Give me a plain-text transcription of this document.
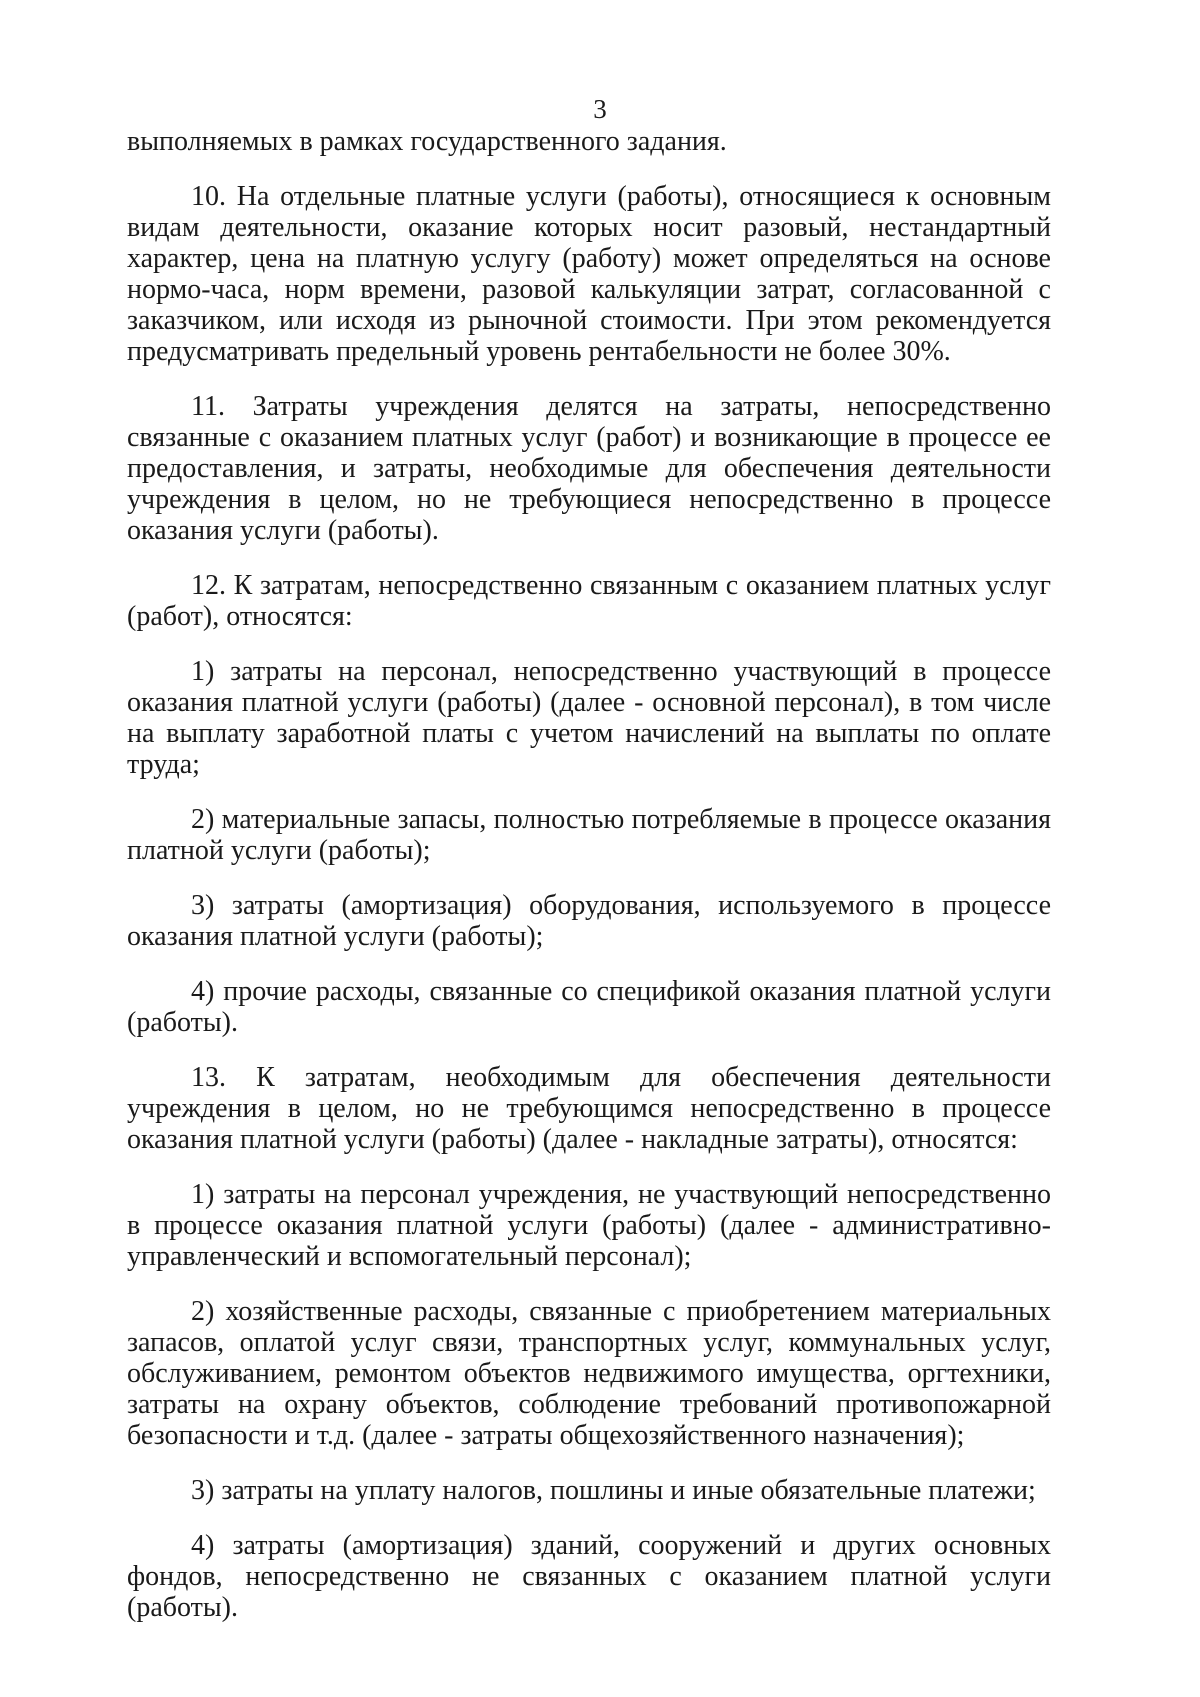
3

выполняемых в рамках государственного задания.

10. На отдельные платные услуги (работы), относящиеся к основным видам деятельности, оказание которых носит разовый, нестандартный характер, цена на платную услугу (работу) может определяться на основе нормо-часа, норм времени, разовой калькуляции затрат, согласованной с заказчиком, или исходя из рыночной стоимости. При этом рекомендуется предусматривать предельный уровень рентабельности не более 30%.

11. Затраты учреждения делятся на затраты, непосредственно связанные с оказанием платных услуг (работ) и возникающие в процессе ее предоставления, и затраты, необходимые для обеспечения деятельности учреждения в целом, но не требующиеся непосредственно в процессе оказания услуги (работы).

12. К затратам, непосредственно связанным с оказанием платных услуг (работ), относятся:

1) затраты на персонал, непосредственно участвующий в процессе оказания платной услуги (работы) (далее - основной персонал), в том числе на выплату заработной платы с учетом начислений на выплаты по оплате труда;

2) материальные запасы, полностью потребляемые в процессе оказания платной услуги (работы);

3) затраты (амортизация) оборудования, используемого в процессе оказания платной услуги (работы);

4) прочие расходы, связанные со спецификой оказания платной услуги (работы).

13. К затратам, необходимым для обеспечения деятельности учреждения в целом, но не требующимся непосредственно в процессе оказания платной услуги (работы) (далее - накладные затраты), относятся:

1) затраты на персонал учреждения, не участвующий непосредственно в процессе оказания платной услуги (работы) (далее - административно-управленческий и вспомогательный персонал);

2) хозяйственные расходы, связанные с приобретением материальных запасов, оплатой услуг связи, транспортных услуг, коммунальных услуг, обслуживанием, ремонтом объектов недвижимого имущества, оргтехники, затраты на охрану объектов, соблюдение требований противопожарной безопасности и т.д. (далее - затраты общехозяйственного назначения);

3) затраты на уплату налогов, пошлины и иные обязательные платежи;

4) затраты (амортизация) зданий, сооружений и других основных фондов, непосредственно не связанных с оказанием платной услуги (работы).
